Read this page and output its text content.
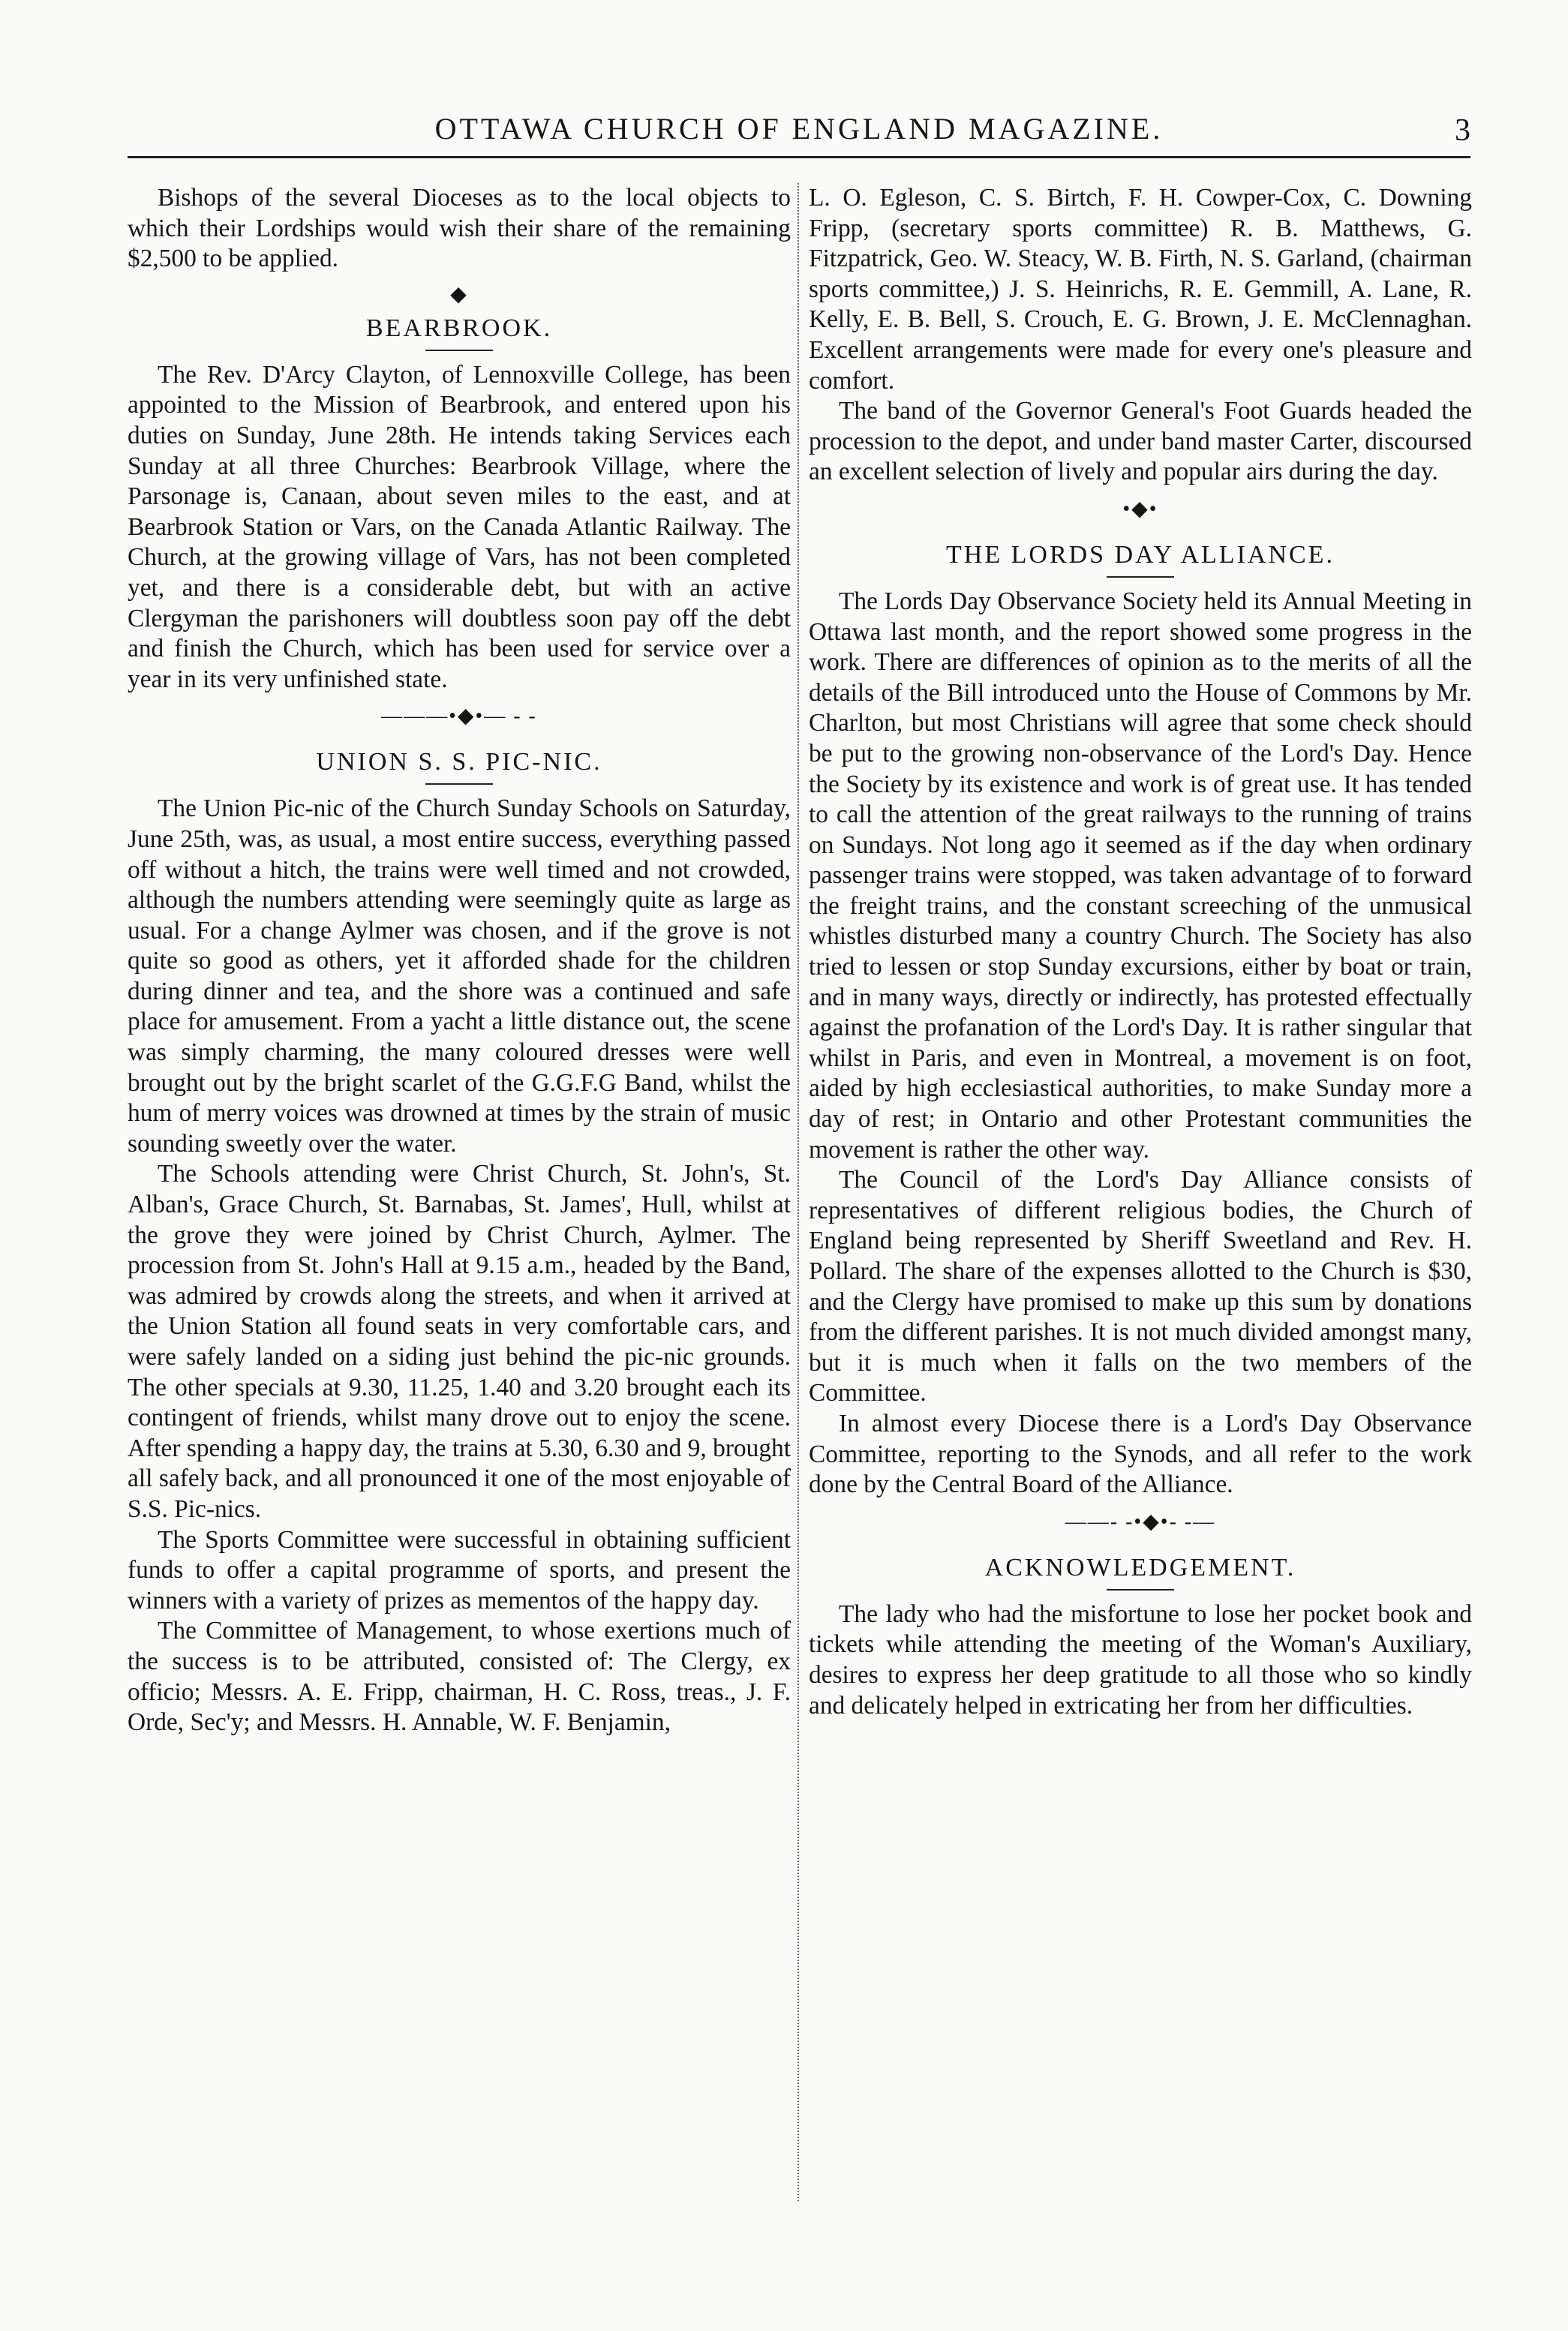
OTTAWA CHURCH OF ENGLAND MAGAZINE.	3

Bishops of the several Dioceses as to the local objects to which their Lordships would wish their share of the remaining $2,500 to be applied.

◆
BEARBROOK.

The Rev. D'Arcy Clayton, of Lennoxville College, has been appointed to the Mission of Bearbrook, and entered upon his duties on Sunday, June 28th. He intends taking Services each Sunday at all three Churches: Bearbrook Village, where the Parsonage is, Canaan, about seven miles to the east, and at Bearbrook Station or Vars, on the Canada Atlantic Railway. The Church, at the growing village of Vars, has not been completed yet, and there is a considerable debt, but with an active Clergyman the parishoners will doubtless soon pay off the debt and finish the Church, which has been used for service over a year in its very unfinished state.

———•◆•— - -
UNION S. S. PIC-NIC.

The Union Pic-nic of the Church Sunday Schools on Saturday, June 25th, was, as usual, a most entire success, everything passed off without a hitch, the trains were well timed and not crowded, although the numbers attending were seemingly quite as large as usual. For a change Aylmer was chosen, and if the grove is not quite so good as others, yet it afforded shade for the children during dinner and tea, and the shore was a continued and safe place for amusement. From a yacht a little distance out, the scene was simply charming, the many coloured dresses were well brought out by the bright scarlet of the G.G.F.G Band, whilst the hum of merry voices was drowned at times by the strain of music sounding sweetly over the water.

The Schools attending were Christ Church, St. John's, St. Alban's, Grace Church, St. Barnabas, St. James', Hull, whilst at the grove they were joined by Christ Church, Aylmer. The procession from St. John's Hall at 9.15 a.m., headed by the Band, was admired by crowds along the streets, and when it arrived at the Union Station all found seats in very comfortable cars, and were safely landed on a siding just behind the pic-nic grounds. The other specials at 9.30, 11.25, 1.40 and 3.20 brought each its contingent of friends, whilst many drove out to enjoy the scene. After spending a happy day, the trains at 5.30, 6.30 and 9, brought all safely back, and all pronounced it one of the most enjoyable of S.S. Pic-nics.

The Sports Committee were successful in obtaining sufficient funds to offer a capital programme of sports, and present the winners with a variety of prizes as mementos of the happy day.

The Committee of Management, to whose exertions much of the success is to be attributed, consisted of: The Clergy, ex officio; Messrs. A. E. Fripp, chairman, H. C. Ross, treas., J. F. Orde, Sec'y; and Messrs. H. Annable, W. F. Benjamin,

L. O. Egleson, C. S. Birtch, F. H. Cowper-Cox, C. Downing Fripp, (secretary sports committee) R. B. Matthews, G. Fitzpatrick, Geo. W. Steacy, W. B. Firth, N. S. Garland, (chairman sports committee,) J. S. Heinrichs, R. E. Gemmill, A. Lane, R. Kelly, E. B. Bell, S. Crouch, E. G. Brown, J. E. McClennaghan. Excellent arrangements were made for every one's pleasure and comfort.

The band of the Governor General's Foot Guards headed the procession to the depot, and under band master Carter, discoursed an excellent selection of lively and popular airs during the day.

•◆•
THE LORDS DAY ALLIANCE.

The Lords Day Observance Society held its Annual Meeting in Ottawa last month, and the report showed some progress in the work. There are differences of opinion as to the merits of all the details of the Bill introduced unto the House of Commons by Mr. Charlton, but most Christians will agree that some check should be put to the growing non-observance of the Lord's Day. Hence the Society by its existence and work is of great use. It has tended to call the attention of the great railways to the running of trains on Sundays. Not long ago it seemed as if the day when ordinary passenger trains were stopped, was taken advantage of to forward the freight trains, and the constant screeching of the unmusical whistles disturbed many a country Church. The Society has also tried to lessen or stop Sunday excursions, either by boat or train, and in many ways, directly or indirectly, has protested effectually against the profanation of the Lord's Day. It is rather singular that whilst in Paris, and even in Montreal, a movement is on foot, aided by high ecclesiastical authorities, to make Sunday more a day of rest; in Ontario and other Protestant communities the movement is rather the other way.

The Council of the Lord's Day Alliance consists of representatives of different religious bodies, the Church of England being represented by Sheriff Sweetland and Rev. H. Pollard. The share of the expenses allotted to the Church is $30, and the Clergy have promised to make up this sum by donations from the different parishes. It is not much divided amongst many, but it is much when it falls on the two members of the Committee.

In almost every Diocese there is a Lord's Day Observance Committee, reporting to the Synods, and all refer to the work done by the Central Board of the Alliance.

——- -•◆•- -—
ACKNOWLEDGEMENT.

The lady who had the misfortune to lose her pocket book and tickets while attending the meeting of the Woman's Auxiliary, desires to express her deep gratitude to all those who so kindly and delicately helped in extricating her from her difficulties.
